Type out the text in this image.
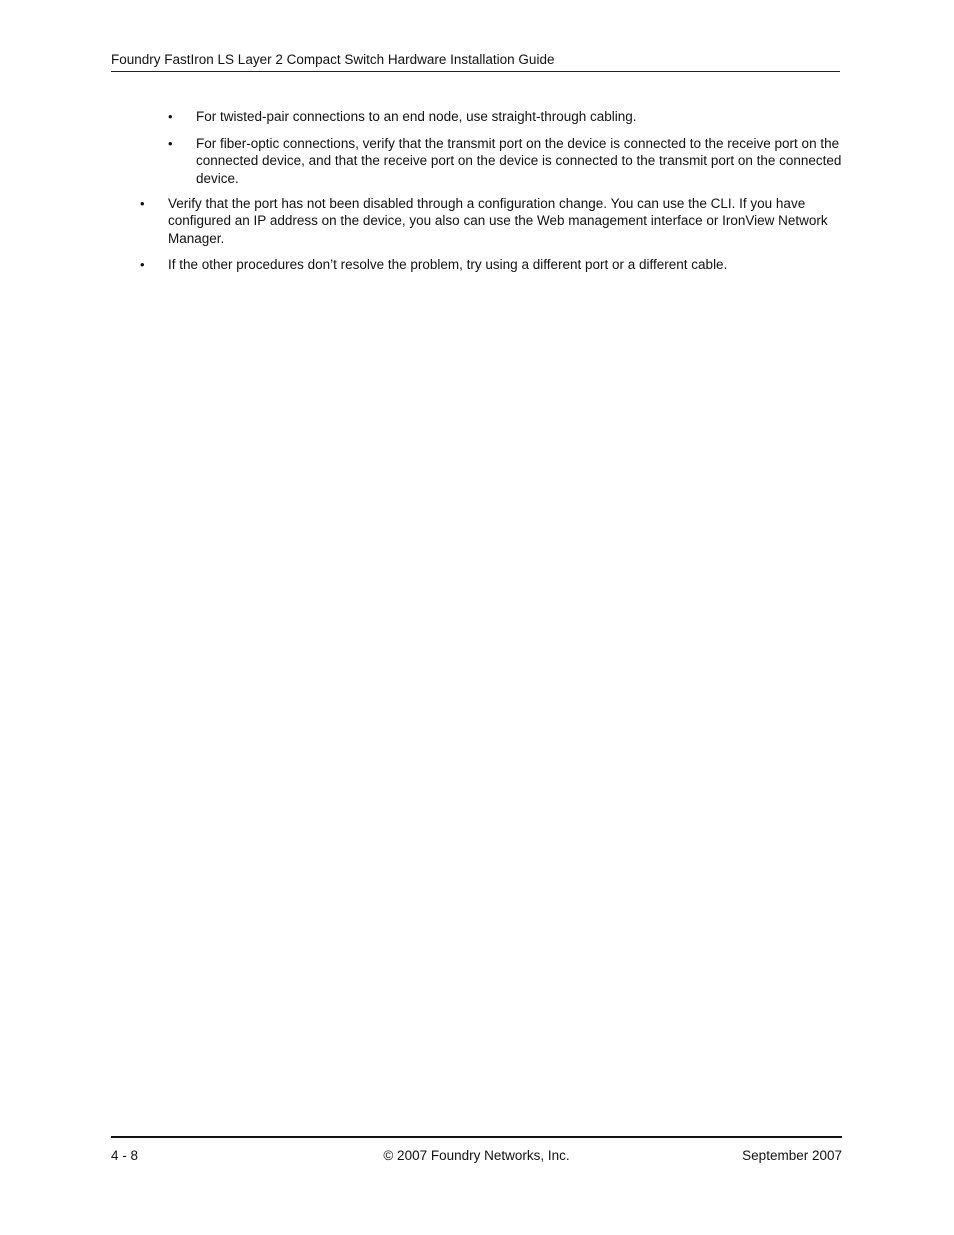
Foundry FastIron LS Layer 2 Compact Switch Hardware Installation Guide
• For twisted-pair connections to an end node, use straight-through cabling.
• For fiber-optic connections, verify that the transmit port on the device is connected to the receive port on the connected device, and that the receive port on the device is connected to the transmit port on the connected device.
• Verify that the port has not been disabled through a configuration change. You can use the CLI. If you have configured an IP address on the device, you also can use the Web management interface or IronView Network Manager.
• If the other procedures don’t resolve the problem, try using a different port or a different cable.
4 - 8	© 2007 Foundry Networks, Inc.	September 2007
